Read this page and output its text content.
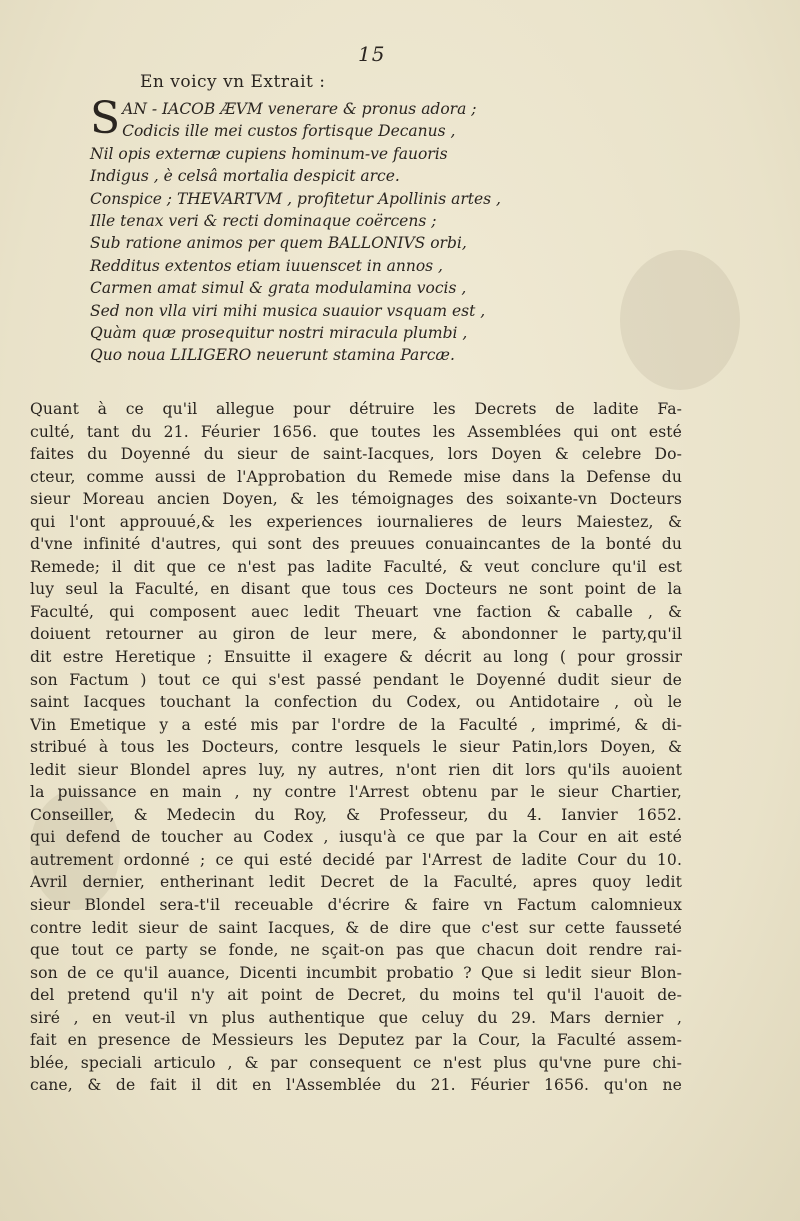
15
En voicy vn Extrait :
SAN - IACOB ÆVM venerare & pronus adora ;
Codicis ille mei custos fortisque Decanus ,
Nil opis externæ cupiens hominum-ve fauoris
Indigus , è celsâ mortalia despicit arce.
Conspice ; THEVARTVM , profitetur Apollinis artes ,
Ille tenax veri & recti dominaque coërcens ;
Sub ratione animos per quem BALLONIVS orbi,
Redditus extentos etiam iuuenscet in annos ,
Carmen amat simul & grata modulamina vocis ,
Sed non vlla viri mihi musica suauior vsquam est ,
Quàm quæ prosequitur nostri miracula plumbi ,
Quo noua LILIGERO neuerunt stamina Parcæ.
Quant à ce qu'il allegue pour détruire les Decrets de ladite Fa-
culté, tant du 21. Féurier 1656. que toutes les Assemblées qui ont esté
faites du Doyenné du sieur de saint-Iacques, lors Doyen & celebre Do-
cteur, comme aussi de l'Approbation du Remede mise dans la Defense du
sieur Moreau ancien Doyen, & les témoignages des soixante-vn Docteurs
qui l'ont approuué,& les experiences iournalieres de leurs Maiestez, &
d'vne infinité d'autres, qui sont des preuues conuaincantes de la bonté du
Remede; il dit que ce n'est pas ladite Faculté, & veut conclure qu'il est
luy seul la Faculté, en disant que tous ces Docteurs ne sont point de la
Faculté, qui composent auec ledit Theuart vne faction & caballe , &
doiuent retourner au giron de leur mere, & abondonner le party,qu'il
dit estre Heretique ; Ensuitte il exagere & décrit au long ( pour grossir
son Factum ) tout ce qui s'est passé pendant le Doyenné dudit sieur de
saint Iacques touchant la confection du Codex, ou Antidotaire , où le
Vin Emetique y a esté mis par l'ordre de la Faculté , imprimé, & di-
stribué à tous les Docteurs, contre lesquels le sieur Patin,lors Doyen, &
ledit sieur Blondel apres luy, ny autres, n'ont rien dit lors qu'ils auoient
la puissance en main , ny contre l'Arrest obtenu par le sieur Chartier,
Conseiller, & Medecin du Roy, & Professeur, du 4. Ianvier 1652.
qui defend de toucher au Codex , iusqu'à ce que par la Cour en ait esté
autrement ordonné ; ce qui esté decidé par l'Arrest de ladite Cour du 10.
Avril dernier, entherinant ledit Decret de la Faculté, apres quoy ledit
sieur Blondel sera-t'il receuable d'écrire & faire vn Factum calomnieux
contre ledit sieur de saint Iacques, & de dire que c'est sur cette fausseté
que tout ce party se fonde, ne sçait-on pas que chacun doit rendre rai-
son de ce qu'il auance, Dicenti incumbit probatio ? Que si ledit sieur Blon-
del pretend qu'il n'y ait point de Decret, du moins tel qu'il l'auoit de-
siré , en veut-il vn plus authentique que celuy du 29. Mars dernier ,
fait en presence de Messieurs les Deputez par la Cour, la Faculté assem-
blée, speciali articulo , & par consequent ce n'est plus qu'vne pure chi-
cane, & de fait il dit en l'Assemblée du 21. Féurier 1656. qu'on ne
